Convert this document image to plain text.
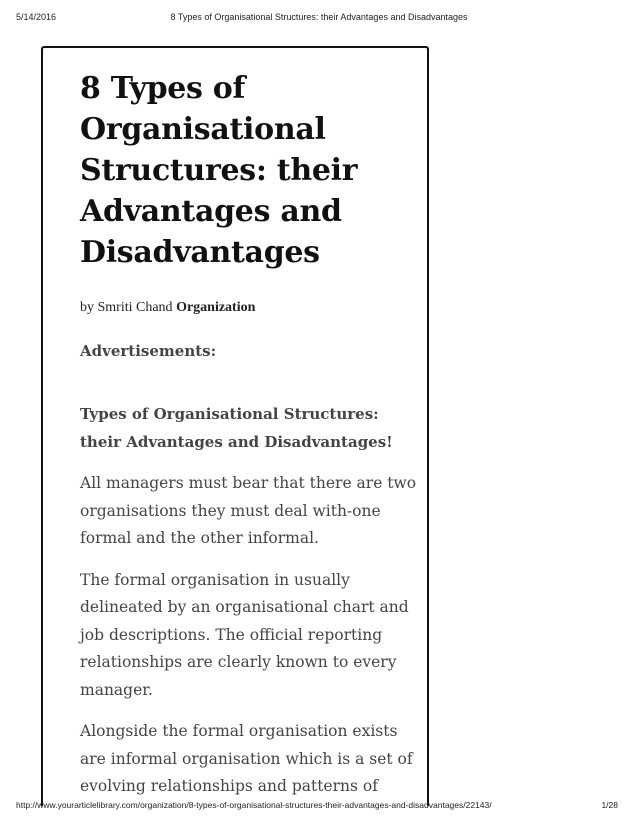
5/14/2016	8 Types of Organisational Structures: their Advantages and Disadvantages
8 Types of
Organisational
Structures: their
Advantages and
Disadvantages
by Smriti Chand Organization
Advertisements:
Types of Organisational Structures: their Advantages and Disadvantages!

All managers must bear that there are two organisations they must deal with-one formal and the other informal.

The formal organisation in usually delineated by an organisational chart and job descriptions. The official reporting relationships are clearly known to every manager.

Alongside the formal organisation exists are informal organisation which is a set of evolving relationships and patterns of

http://www.yourarticlelibrary.com/organization/8-types-of-organisational-structures-their-advantages-and-disadvantages/22143/	1/28
